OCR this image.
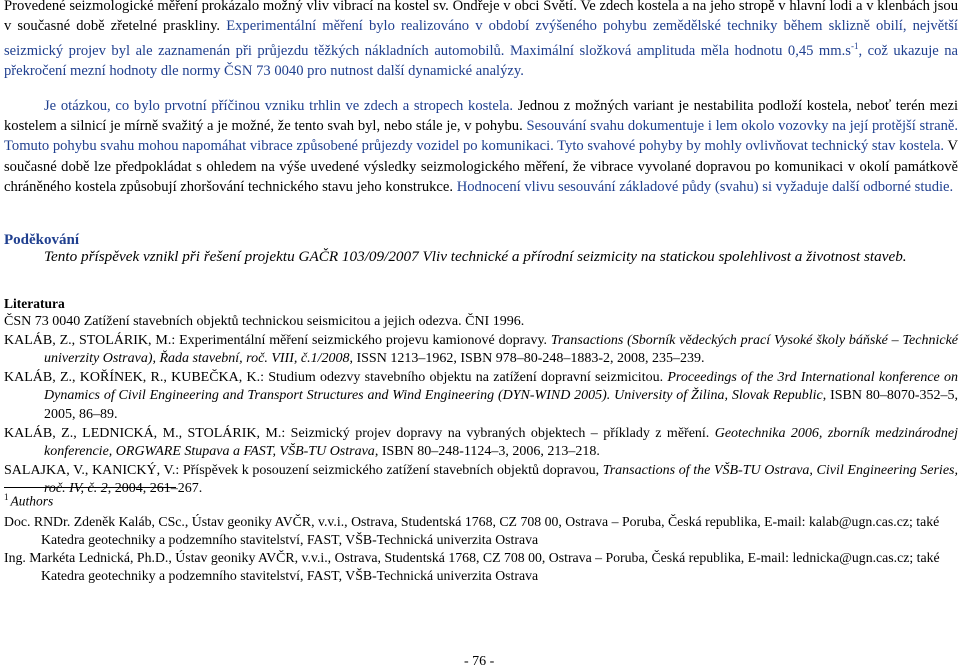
Provedené seizmologické měření prokázalo možný vliv vibrací na kostel sv. Ondřeje v obci Světí. Ve zdech kostela a na jeho stropě v hlavní lodi a v klenbách jsou v současné době zřetelné praskliny. Experimentální měření bylo realizováno v období zvýšeného pohybu zemědělské techniky během sklizně obilí, největší seizmický projev byl ale zaznamenán při průjezdu těžkých nákladních automobilů. Maximální složková amplituda měla hodnotu 0,45 $mm.s^{-1}$, což ukazuje na překročení mezní hodnoty dle normy ČSN 73 0040 pro nutnost další dynamické analýzy.

Je otázkou, co bylo prvotní příčinou vzniku trhlin ve zdech a stropech kostela. Jednou z možných variant je nestabilita podloží kostela, neboť terén mezi kostelem a silnicí je mírně svažitý a je možné, že tento svah byl, nebo stále je, v pohybu. Sesouvání svahu dokumentuje i lem okolo vozovky na její protější straně. Tomuto pohybu svahu mohou napomáhat vibrace způsobené průjezdy vozidel po komunikaci. Tyto svahové pohyby by mohly ovlivňovat technický stav kostela. V současné době lze předpokládat s ohledem na výše uvedené výsledky seizmologického měření, že vibrace vyvolané dopravou po komunikaci v okolí památkově chráněného kostela způsobují zhoršování technického stavu jeho konstrukce. Hodnocení vlivu sesouvání základové půdy (svahu) si vyžaduje další odborné studie.

Poděkování

Tento příspěvek vznikl při řešení projektu GAČR 103/09/2007 Vliv technické a přírodní seizmicity na statickou spolehlivost a životnost staveb.

Literatura

ČSN 73 0040 Zatížení stavebních objektů technickou seismicitou a jejich odezva. ČNI 1996.

KALÁB, Z., STOLÁRIK, M.: Experimentální měření seizmického projevu kamionové dopravy. Transactions (Sborník vědeckých prací Vysoké školy báňské – Technické univerzity Ostrava), Řada stavební, roč. VIII, č.1/2008, ISSN 1213–1962, ISBN 978–80-248–1883-2, 2008, 235–239.

KALÁB, Z., KOŘÍNEK, R., KUBEČKA, K.: Studium odezvy stavebního objektu na zatížení dopravní seizmicitou. Proceedings of the 3rd International konference on Dynamics of Civil Engineering and Transport Structures and Wind Engineering (DYN-WIND 2005). University of Žilina, Slovak Republic, ISBN 80–8070-352–5, 2005, 86–89.

KALÁB, Z., LEDNICKÁ, M., STOLÁRIK, M.: Seizmický projev dopravy na vybraných objektech – příklady z měření. Geotechnika 2006, zborník medzinárodnej konferencie, ORGWARE Stupava a FAST, VŠB-TU Ostrava, ISBN 80–248-1124–3, 2006, 213–218.

SALAJKA, V., KANICKÝ, V.: Příspěvek k posouzení seizmického zatížení stavebních objektů dopravou, Transactions of the VŠB-TU Ostrava, Civil Engineering Series, roč. IV, č. 2, 2004, 261–267.

$^1$ Authors

Doc. RNDr. Zdeněk Kaláb, CSc., Ústav geoniky AVČR, v.v.i., Ostrava, Studentská 1768, CZ 708 00, Ostrava – Poruba, Česká republika, E-mail: kalab@ugn.cas.cz; také Katedra geotechniky a podzemního stavitelství, FAST, VŠB-Technická univerzita Ostrava

Ing. Markéta Lednická, Ph.D., Ústav geoniky AVČR, v.v.i., Ostrava, Studentská 1768, CZ 708 00, Ostrava – Poruba, Česká republika, E-mail: lednicka@ugn.cas.cz; také Katedra geotechniky a podzemního stavitelství, FAST, VŠB-Technická univerzita Ostrava

- 76 -
